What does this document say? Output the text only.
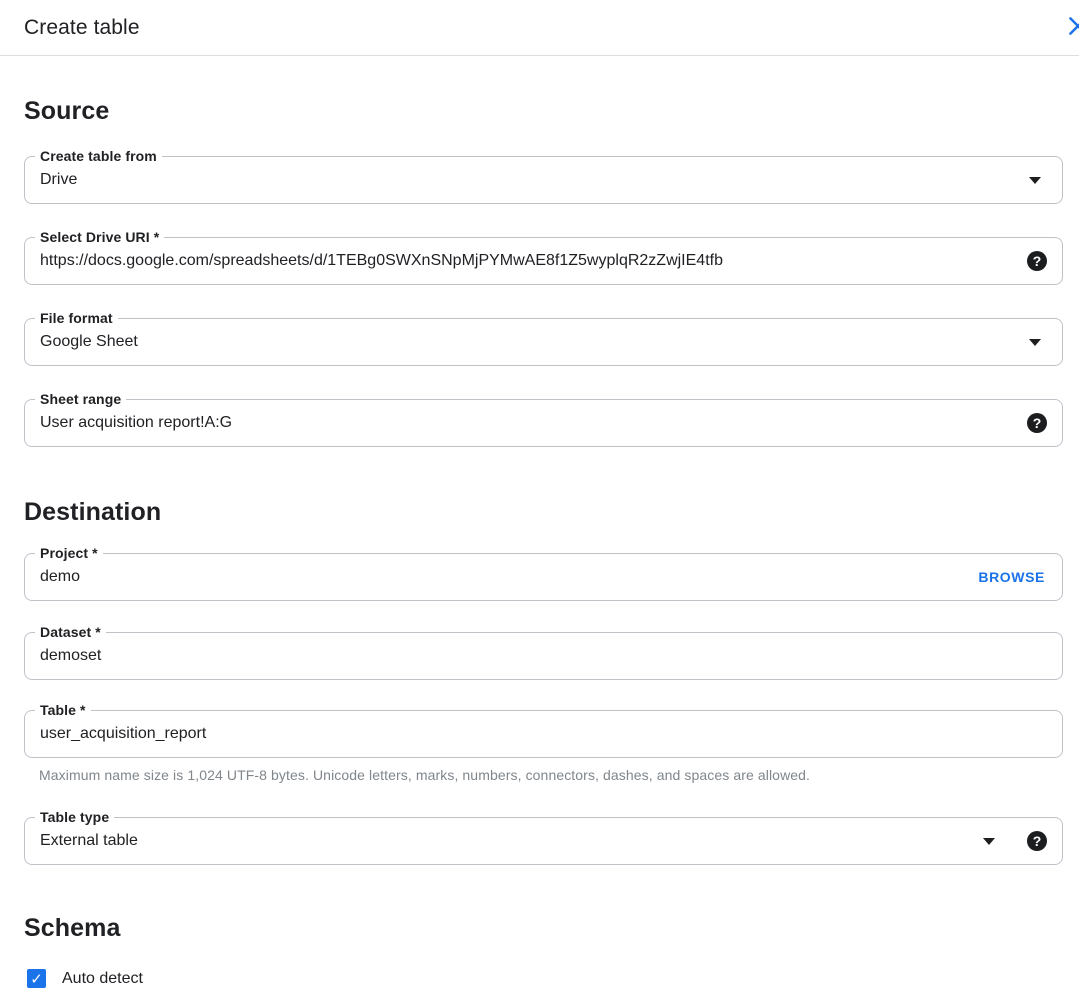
Create table
Source
Create table from
Drive
Select Drive URI *
https://docs.google.com/spreadsheets/d/1TEBg0SWXnSNpMjPYMwAE8f1Z5wyplqR2zZwjIE4tfb
?
File format
Google Sheet
Sheet range
User acquisition report!A:G
?
Destination
Project *
demo
BROWSE
Dataset *
demoset
Table *
user_acquisition_report
Maximum name size is 1,024 UTF-8 bytes. Unicode letters, marks, numbers, connectors, dashes, and spaces are allowed.
Table type
External table	?
Schema
✓ Auto detect
